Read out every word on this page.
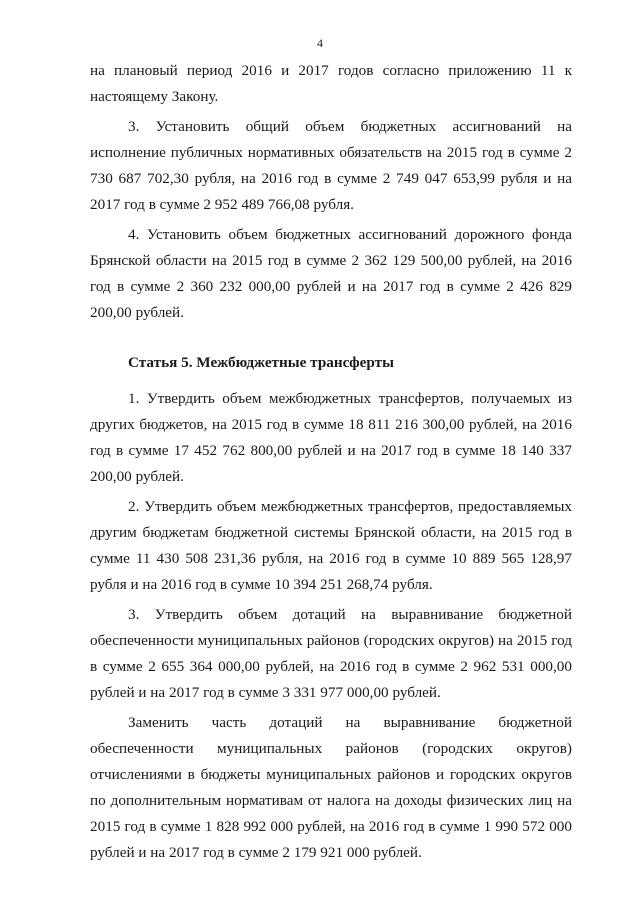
4

на плановый период 2016 и 2017 годов согласно приложению 11 к настоящему Закону.

3. Установить общий объем бюджетных ассигнований на исполнение публичных нормативных обязательств на 2015 год в сумме 2 730 687 702,30 рубля, на 2016 год в сумме 2 749 047 653,99 рубля и на 2017 год в сумме 2 952 489 766,08 рубля.

4. Установить объем бюджетных ассигнований дорожного фонда Брянской области на 2015 год в сумме 2 362 129 500,00 рублей, на 2016 год в сумме 2 360 232 000,00 рублей и на 2017 год в сумме 2 426 829 200,00 рублей.

Статья 5. Межбюджетные трансферты

1. Утвердить объем межбюджетных трансфертов, получаемых из других бюджетов, на 2015 год в сумме 18 811 216 300,00 рублей, на 2016 год в сумме 17 452 762 800,00 рублей и на 2017 год в сумме 18 140 337 200,00 рублей.

2. Утвердить объем межбюджетных трансфертов, предоставляемых другим бюджетам бюджетной системы Брянской области, на 2015 год в сумме 11 430 508 231,36 рубля, на 2016 год в сумме 10 889 565 128,97 рубля и на 2016 год в сумме 10 394 251 268,74 рубля.

3. Утвердить объем дотаций на выравнивание бюджетной обеспеченности муниципальных районов (городских округов) на 2015 год в сумме 2 655 364 000,00 рублей, на 2016 год в сумме 2 962 531 000,00 рублей и на 2017 год в сумме 3 331 977 000,00 рублей.

Заменить часть дотаций на выравнивание бюджетной обеспеченности муниципальных районов (городских округов) отчислениями в бюджеты муниципальных районов и городских округов по дополнительным нормативам от налога на доходы физических лиц на 2015 год в сумме 1 828 992 000 рублей, на 2016 год в сумме 1 990 572 000 рублей и на 2017 год в сумме 2 179 921 000 рублей.
